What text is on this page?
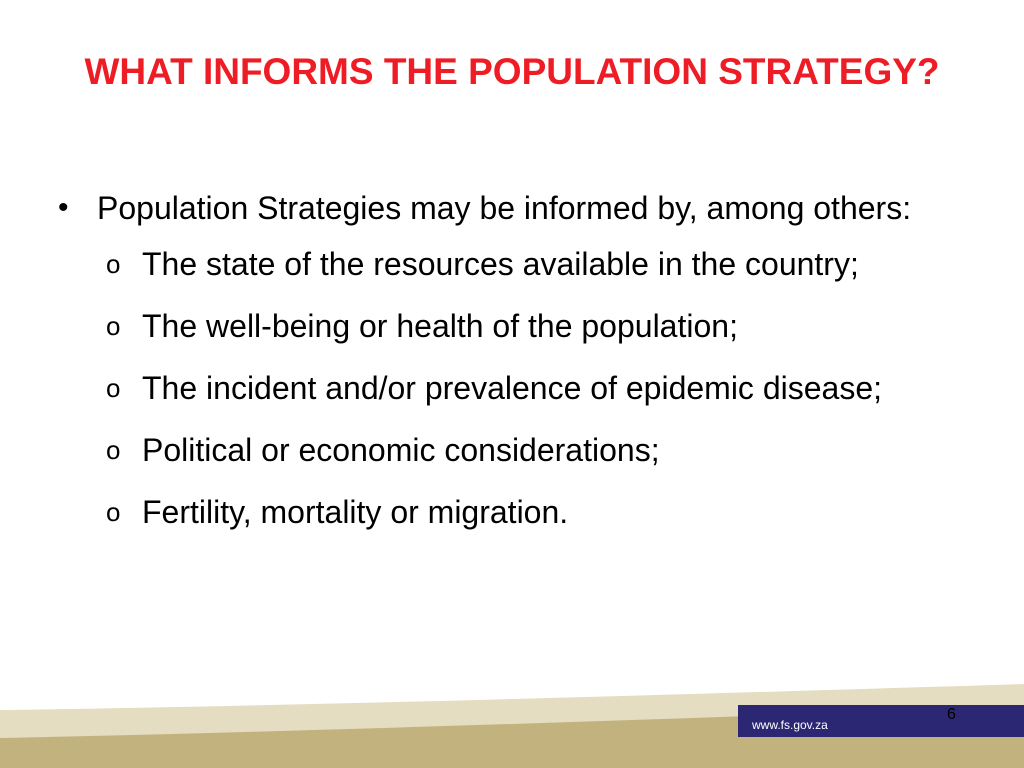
WHAT INFORMS THE POPULATION STRATEGY?
• Population Strategies may be informed by, among others:
o The state of the resources available in the country;
o The well-being or health of the population;
o The incident and/or prevalence of epidemic disease;
o Political or economic considerations;
o Fertility, mortality or migration.
www.fs.gov.za
6
